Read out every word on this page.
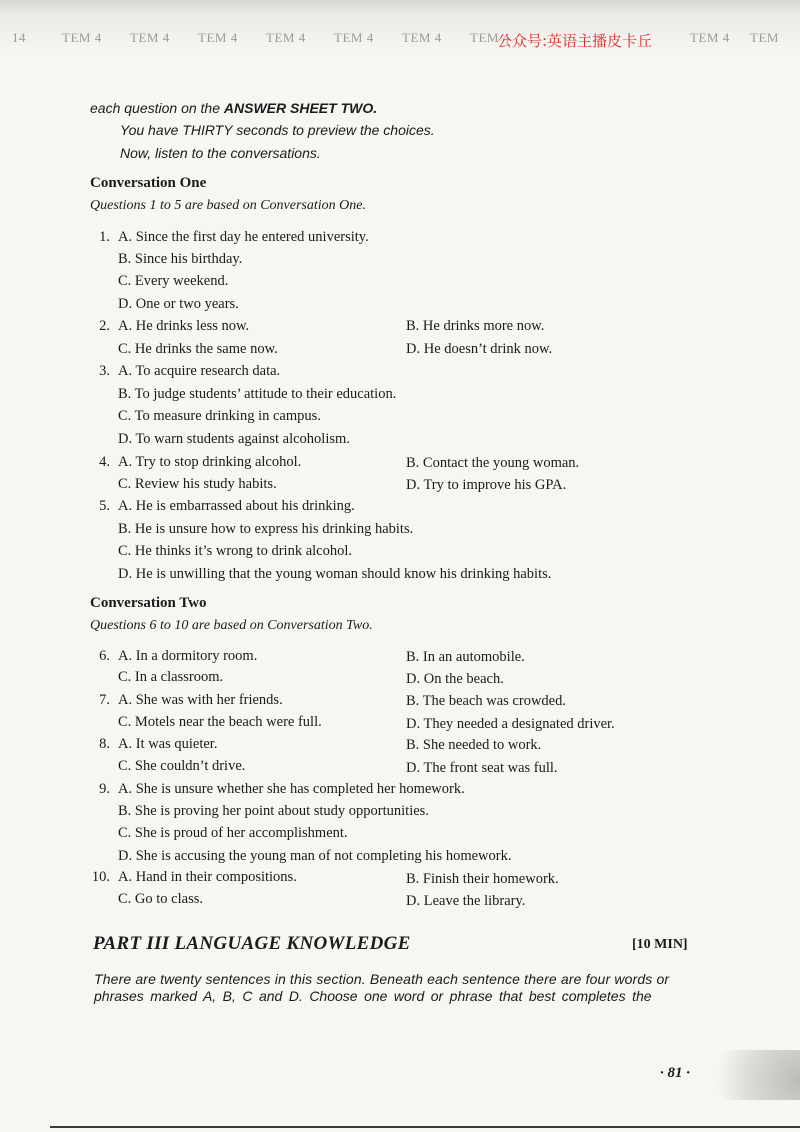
14	TEM 4 TEM 4 TEM 4 TEM 4 TEM 4 TEM 4 TEM 4	TEM 4 TEM
公众号:英语主播皮卡丘
each question on the ANSWER SHEET TWO.
You have THIRTY seconds to preview the choices.
Now, listen to the conversations.
Conversation One
Questions 1 to 5 are based on Conversation One.
1. A. Since the first day he entered university.
B. Since his birthday.
C. Every weekend.
D. One or two years.
2. A. He drinks less now.	B. He drinks more now.
C. He drinks the same now.	D. He doesn’t drink now.
3. A. To acquire research data.
B. To judge students’ attitude to their education.
C. To measure drinking in campus.
D. To warn students against alcoholism.
4. A. Try to stop drinking alcohol.	B. Contact the young woman.
C. Review his study habits.	D. Try to improve his GPA.
5. A. He is embarrassed about his drinking.
B. He is unsure how to express his drinking habits.
C. He thinks it’s wrong to drink alcohol.
D. He is unwilling that the young woman should know his drinking habits.
Conversation Two
Questions 6 to 10 are based on Conversation Two.
6. A. In a dormitory room.	B. In an automobile.
C. In a classroom.	D. On the beach.
7. A. She was with her friends.	B. The beach was crowded.
C. Motels near the beach were full.	D. They needed a designated driver.
8. A. It was quieter.	B. She needed to work.
C. She couldn’t drive.	D. The front seat was full.
9. A. She is unsure whether she has completed her homework.
B. She is proving her point about study opportunities.
C. She is proud of her accomplishment.
D. She is accusing the young man of not completing his homework.
10. A. Hand in their compositions.	B. Finish their homework.
C. Go to class.	D. Leave the library.
PART III LANGUAGE KNOWLEDGE	[10 MIN]
There are twenty sentences in this section. Beneath each sentence there are four words or
phrases marked A, B, C and D. Choose one word or phrase that best completes the
· 81 ·
